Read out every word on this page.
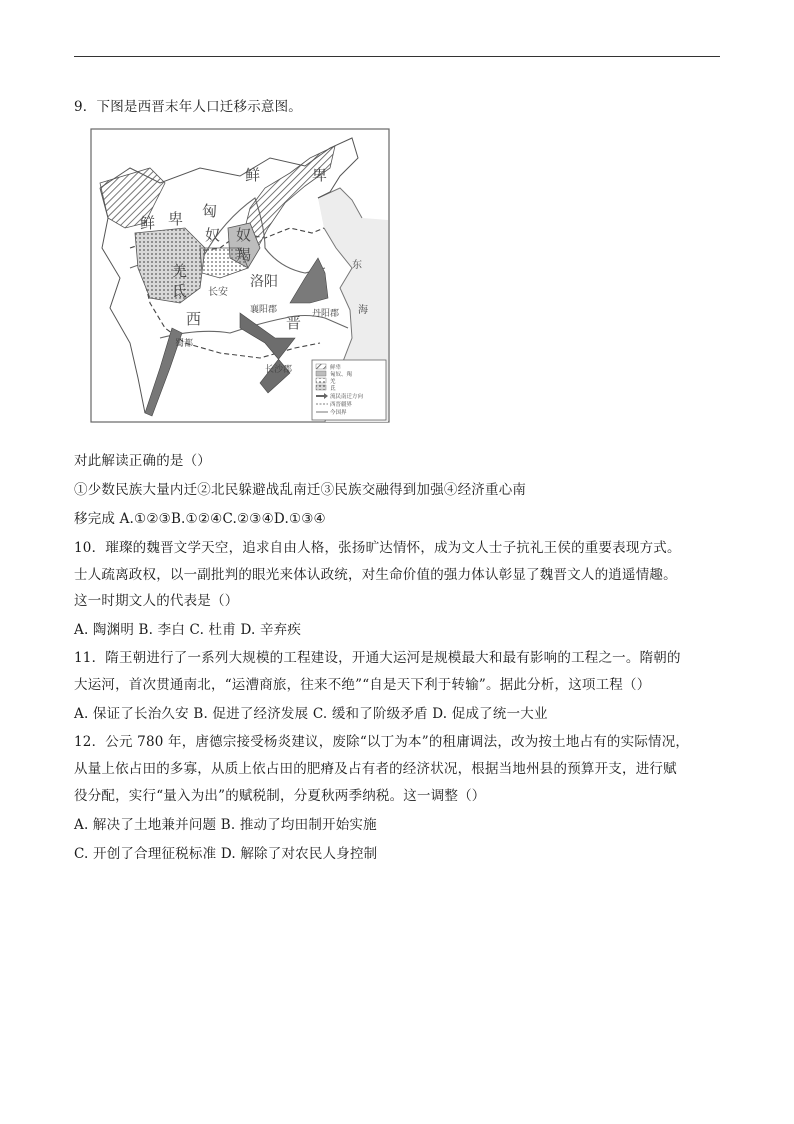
9．下图是西晋末年人口迁移示意图。
鲜	卑
鲜 卑 匈
奴 奴
羯
羌
氐	洛阳
长安
西	晋
襄阳郡	丹阳郡
蜀都
长沙郡
东
海
鲜卑
匈奴、羯
羌
氐
流民南迁方向
西晋疆界
今国界
对此解读正确的是（）
①少数民族大量内迁②北民躲避战乱南迁③民族交融得到加强④经济重心南
移完成 A.①②③B.①②④C.②③④D.①③④
10．璀璨的魏晋文学天空，追求自由人格，张扬旷达情怀，成为文人士子抗礼王侯的重要表现方式。
士人疏离政权，以一副批判的眼光来体认政统，对生命价值的强力体认彰显了魏晋文人的逍遥情趣。
这一时期文人的代表是（）
A. 陶渊明 B. 李白 C. 杜甫 D. 辛弃疾
11．隋王朝进行了一系列大规模的工程建设，开通大运河是规模最大和最有影响的工程之一。隋朝的
大运河，首次贯通南北，“运漕商旅，往来不绝”“自是天下利于转输”。据此分析，这项工程（）
A. 保证了长治久安 B. 促进了经济发展 C. 缓和了阶级矛盾 D. 促成了统一大业
12．公元 780 年，唐德宗接受杨炎建议，废除“以丁为本”的租庸调法，改为按土地占有的实际情况，
从量上依占田的多寡，从质上依占田的肥瘠及占有者的经济状况，根据当地州县的预算开支，进行赋
役分配，实行“量入为出”的赋税制，分夏秋两季纳税。这一调整（）
A. 解决了土地兼并问题 B. 推动了均田制开始实施
C. 开创了合理征税标准 D. 解除了对农民人身控制
